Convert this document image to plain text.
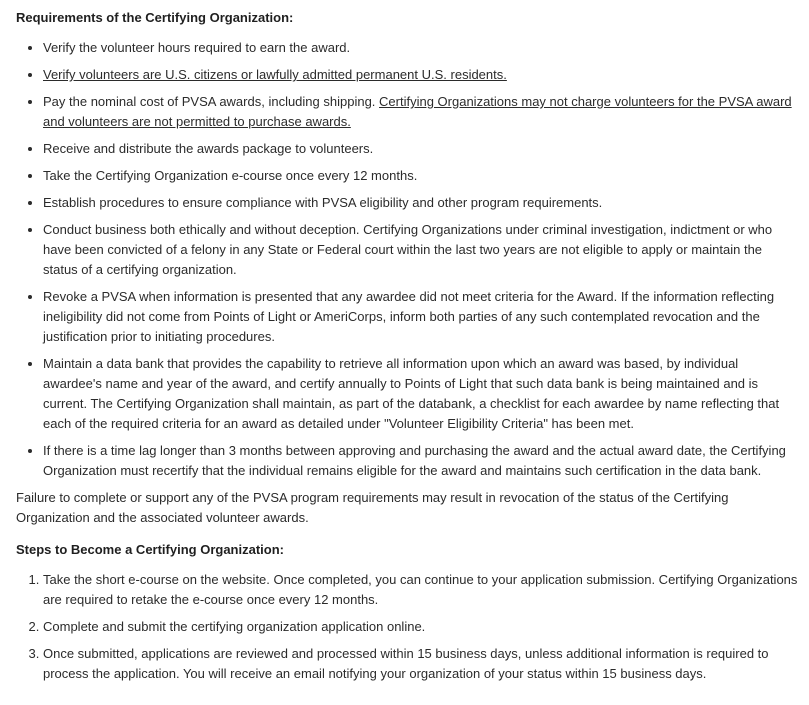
Requirements of the Certifying Organization:
• Verify the volunteer hours required to earn the award.
• Verify volunteers are U.S. citizens or lawfully admitted permanent U.S. residents.
• Pay the nominal cost of PVSA awards, including shipping. Certifying Organizations may not charge volunteers for the PVSA award and volunteers are not permitted to purchase awards.
• Receive and distribute the awards package to volunteers.
• Take the Certifying Organization e-course once every 12 months.
• Establish procedures to ensure compliance with PVSA eligibility and other program requirements.
• Conduct business both ethically and without deception. Certifying Organizations under criminal investigation, indictment or who have been convicted of a felony in any State or Federal court within the last two years are not eligible to apply or maintain the status of a certifying organization.
• Revoke a PVSA when information is presented that any awardee did not meet criteria for the Award. If the information reflecting ineligibility did not come from Points of Light or AmeriCorps, inform both parties of any such contemplated revocation and the justification prior to initiating procedures.
• Maintain a data bank that provides the capability to retrieve all information upon which an award was based, by individual awardee's name and year of the award, and certify annually to Points of Light that such data bank is being maintained and is current. The Certifying Organization shall maintain, as part of the databank, a checklist for each awardee by name reflecting that each of the required criteria for an award as detailed under "Volunteer Eligibility Criteria" has been met.
• If there is a time lag longer than 3 months between approving and purchasing the award and the actual award date, the Certifying Organization must recertify that the individual remains eligible for the award and maintains such certification in the data bank.

Failure to complete or support any of the PVSA program requirements may result in revocation of the status of the Certifying Organization and the associated volunteer awards.

Steps to Become a Certifying Organization:
1. Take the short e-course on the website. Once completed, you can continue to your application submission. Certifying Organizations are required to retake the e-course once every 12 months.
2. Complete and submit the certifying organization application online.
3. Once submitted, applications are reviewed and processed within 15 business days, unless additional information is required to process the application. You will receive an email notifying your organization of your status within 15 business days.
